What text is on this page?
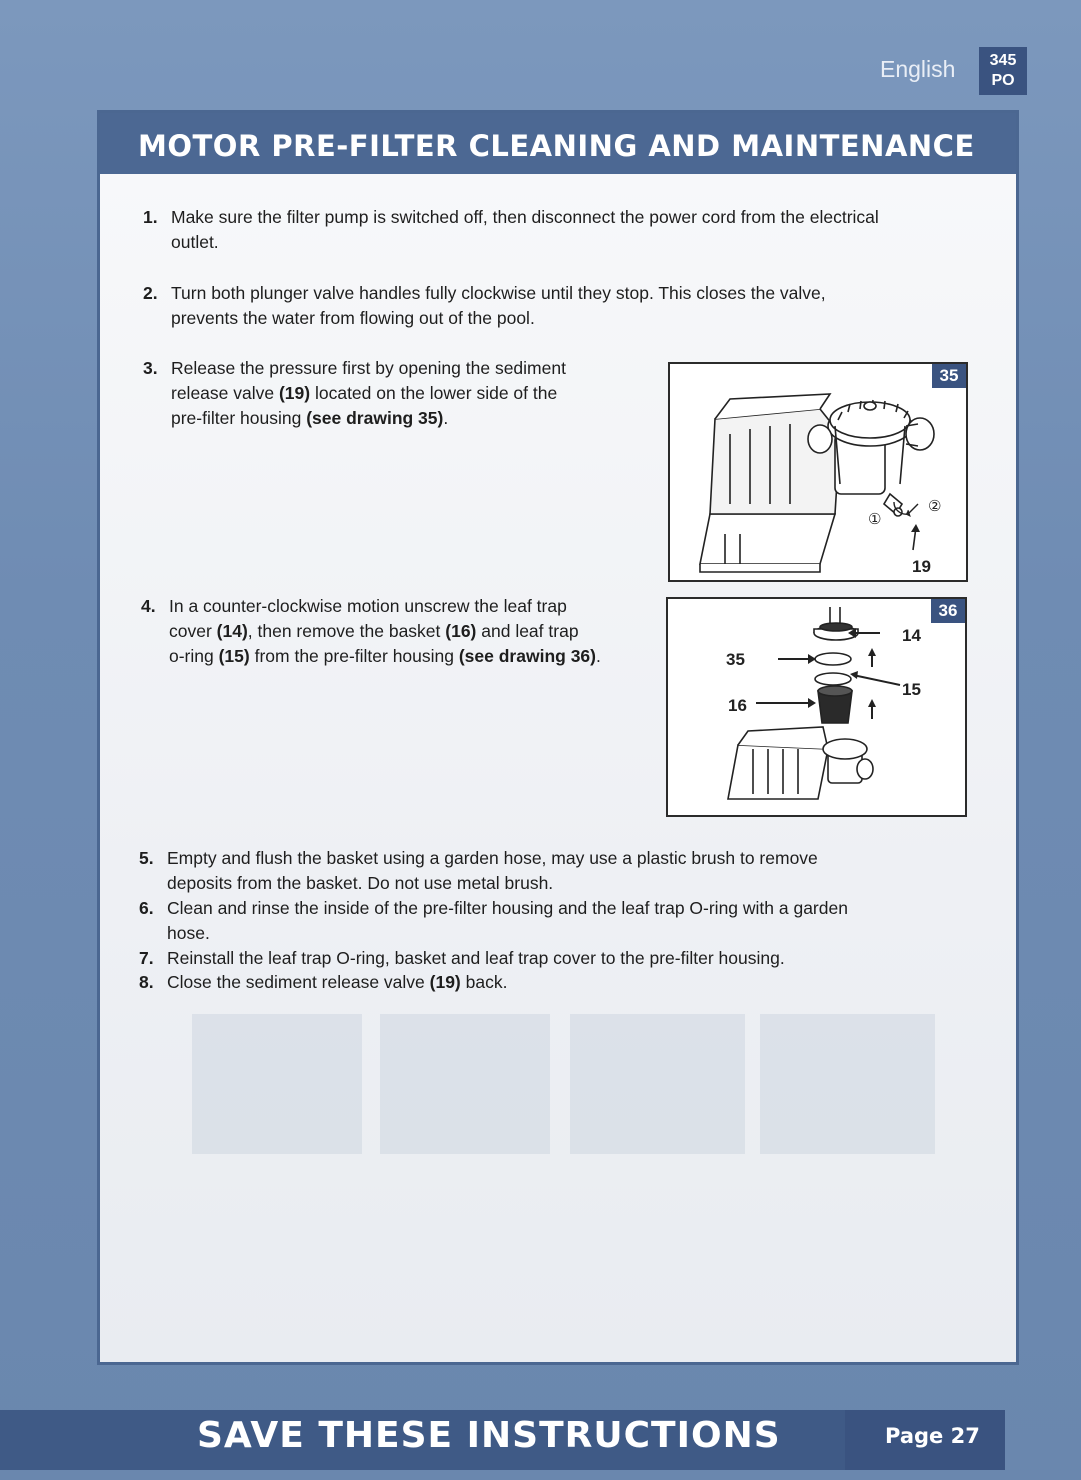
English	345
PO
MOTOR PRE-FILTER CLEANING AND MAINTENANCE
1. Make sure the filter pump is switched off, then disconnect the power cord from the electrical
outlet.
2. Turn both plunger valve handles fully clockwise until they stop. This closes the valve,
prevents the water from flowing out of the pool.
3. Release the pressure first by opening the sediment
release valve (19) located on the lower side of the
pre-filter housing (see drawing 35).
4. In a counter-clockwise motion unscrew the leaf trap
cover (14), then remove the basket (16) and leaf trap
o-ring (15) from the pre-filter housing (see drawing 36).
5. Empty and flush the basket using a garden hose, may use a plastic brush to remove
deposits from the basket. Do not use metal brush.
6. Clean and rinse the inside of the pre-filter housing and the leaf trap O-ring with a garden
hose.
7. Reinstall the leaf trap O-ring, basket and leaf trap cover to the pre-filter housing.
8. Close the sediment release valve (19) back.
35
①
②
19
36
14
35
15
16
SAVE THESE INSTRUCTIONS	Page 27
